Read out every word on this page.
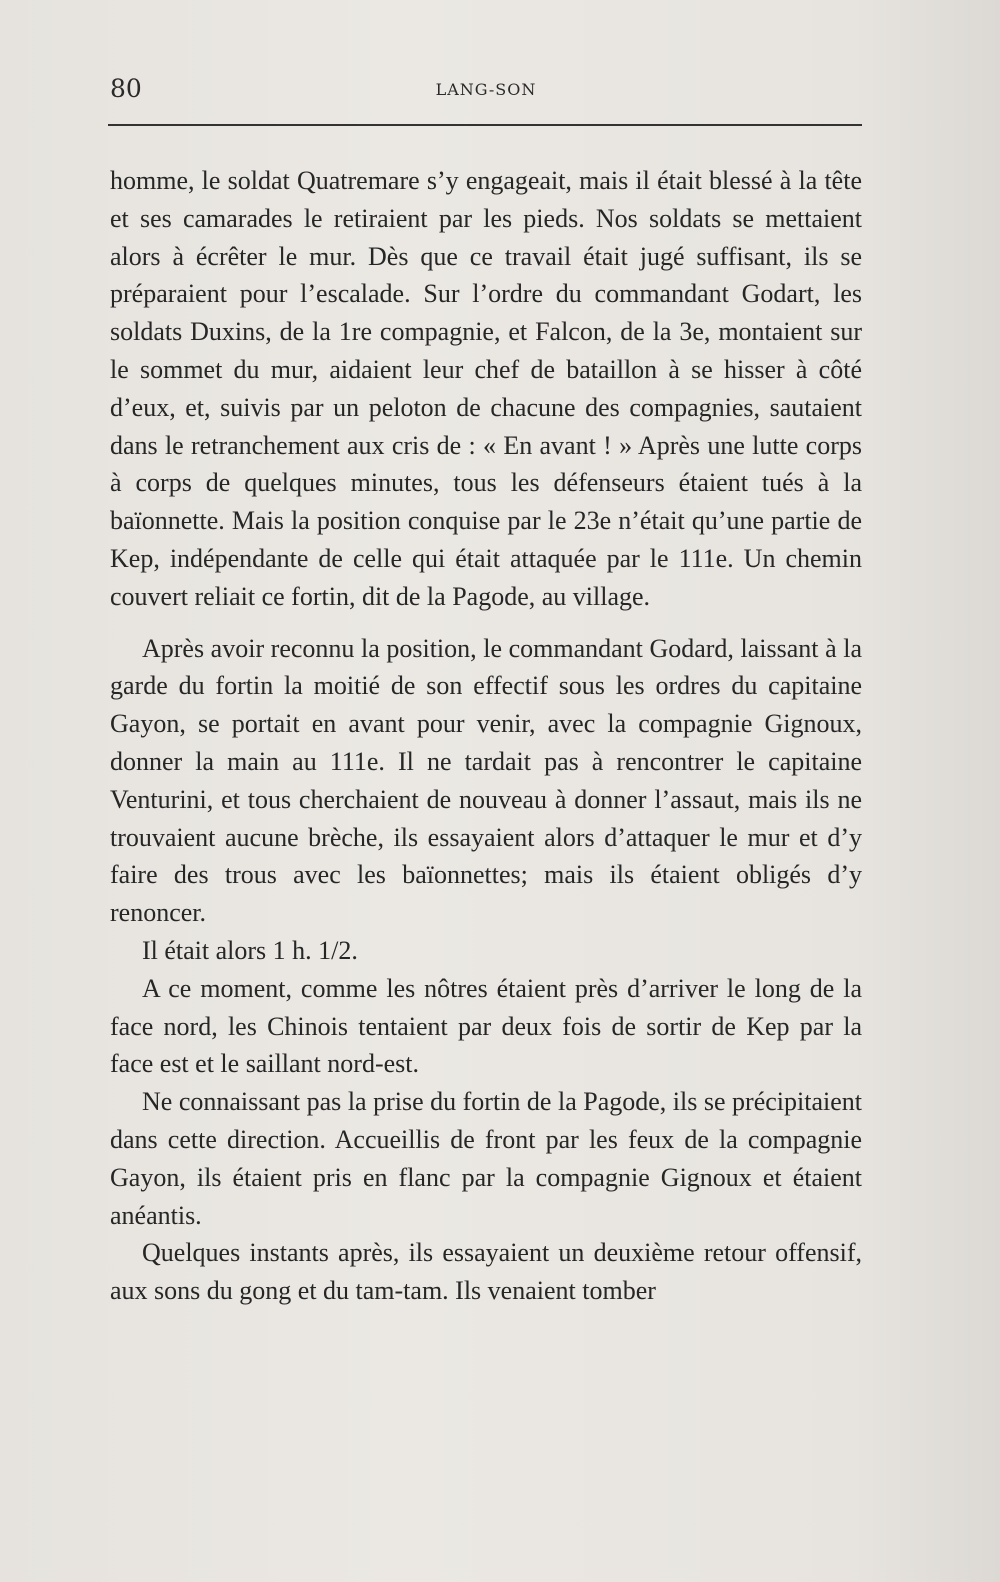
80	LANG-SON

homme, le soldat Quatremare s’y engageait, mais il était blessé à la tête et ses camarades le retiraient par les pieds. Nos soldats se mettaient alors à écrêter le mur. Dès que ce travail était jugé suffisant, ils se préparaient pour l’escalade. Sur l’ordre du commandant Godart, les soldats Duxins, de la 1re compagnie, et Falcon, de la 3e, montaient sur le sommet du mur, aidaient leur chef de bataillon à se hisser à côté d’eux, et, suivis par un peloton de chacune des compagnies, sautaient dans le retranchement aux cris de : « En avant ! » Après une lutte corps à corps de quelques minutes, tous les défenseurs étaient tués à la baïonnette. Mais la position conquise par le 23e n’était qu’une partie de Kep, indépendante de celle qui était attaquée par le 111e. Un chemin couvert reliait ce fortin, dit de la Pagode, au village.

Après avoir reconnu la position, le commandant Godard, laissant à la garde du fortin la moitié de son effectif sous les ordres du capitaine Gayon, se portait en avant pour venir, avec la compagnie Gignoux, donner la main au 111e. Il ne tardait pas à rencontrer le capitaine Venturini, et tous cherchaient de nouveau à donner l’assaut, mais ils ne trouvaient aucune brèche, ils essayaient alors d’attaquer le mur et d’y faire des trous avec les baïonnettes; mais ils étaient obligés d’y renoncer.

Il était alors 1 h. 1/2.

A ce moment, comme les nôtres étaient près d’arriver le long de la face nord, les Chinois tentaient par deux fois de sortir de Kep par la face est et le saillant nord-est.

Ne connaissant pas la prise du fortin de la Pagode, ils se précipitaient dans cette direction. Accueillis de front par les feux de la compagnie Gayon, ils étaient pris en flanc par la compagnie Gignoux et étaient anéantis.

Quelques instants après, ils essayaient un deuxième retour offensif, aux sons du gong et du tam-tam. Ils venaient tomber
